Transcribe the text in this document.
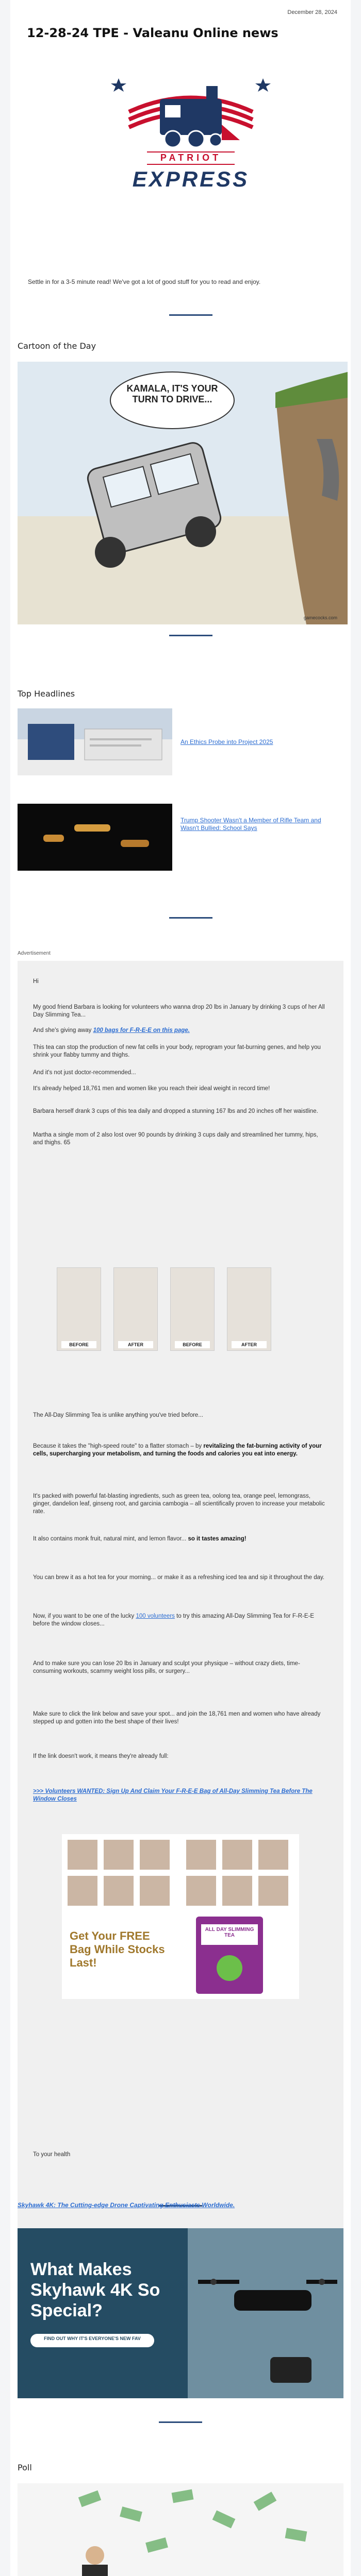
December 28, 2024
12-28-24 TPE - Valeanu Online news
PATRIOT
EXPRESS
Settle in for a 3-5 minute read! We've got a lot of good stuff for you to read and enjoy.
Cartoon of the Day
KAMALA, IT'S YOUR TURN TO DRIVE...
gamecocks.com
Top Headlines
An Ethics Probe into Project 2025
Trump Shooter Wasn't a Member of Rifle Team and Wasn't Bullied: School Says
Advertisement
Hi
My good friend Barbara is looking for volunteers who wanna drop 20 lbs in January by drinking 3 cups of her All Day Slimming Tea...
And she's giving away 100 bags for F-R-E-E on this page.
This tea can stop the production of new fat cells in your body, reprogram your fat-burning genes, and help you shrink your flabby tummy and thighs.
And it's not just doctor-recommended...
It's already helped 18,761 men and women like you reach their ideal weight in record time!
Barbara herself drank 3 cups of this tea daily and dropped a stunning 167 lbs and 20 inches off her waistline.
Martha a single mom of 2 also lost over 90 pounds by drinking 3 cups daily and streamlined her tummy, hips, and thighs. 65
BEFORE	AFTER	BEFORE	AFTER
The All-Day Slimming Tea is unlike anything you've tried before...
Because it takes the "high-speed route" to a flatter stomach – by revitalizing the fat-burning activity of your cells, supercharging your metabolism, and turning the foods and calories you eat into energy.
It's packed with powerful fat-blasting ingredients, such as green tea, oolong tea, orange peel, lemongrass, ginger, dandelion leaf, ginseng root, and garcinia cambogia – all scientifically proven to increase your metabolic rate.
It also contains monk fruit, natural mint, and lemon flavor... so it tastes amazing!
You can brew it as a hot tea for your morning... or make it as a refreshing iced tea and sip it throughout the day.
Now, if you want to be one of the lucky 100 volunteers to try this amazing All-Day Slimming Tea for F-R-E-E before the window closes...
And to make sure you can lose 20 lbs in January and sculpt your physique – without crazy diets, time-consuming workouts, scammy weight loss pills, or surgery...
Make sure to click the link below and save your spot... and join the 18,761 men and women who have already stepped up and gotten into the best shape of their lives!
If the link doesn't work, it means they're already full:
>>> Volunteers WANTED: Sign Up And Claim Your F-R-E-E Bag of All-Day Slimming Tea Before The Window Closes
Get Your FREE Bag While Stocks Last!
ALL DAY SLIMMING TEA
To your health
Skyhawk 4K: The Cutting-edge Drone Captivating Enthusiasts Worldwide.
What Makes Skyhawk 4K So Special?
FIND OUT WHY IT'S EVERYONE'S NEW FAV
Poll
